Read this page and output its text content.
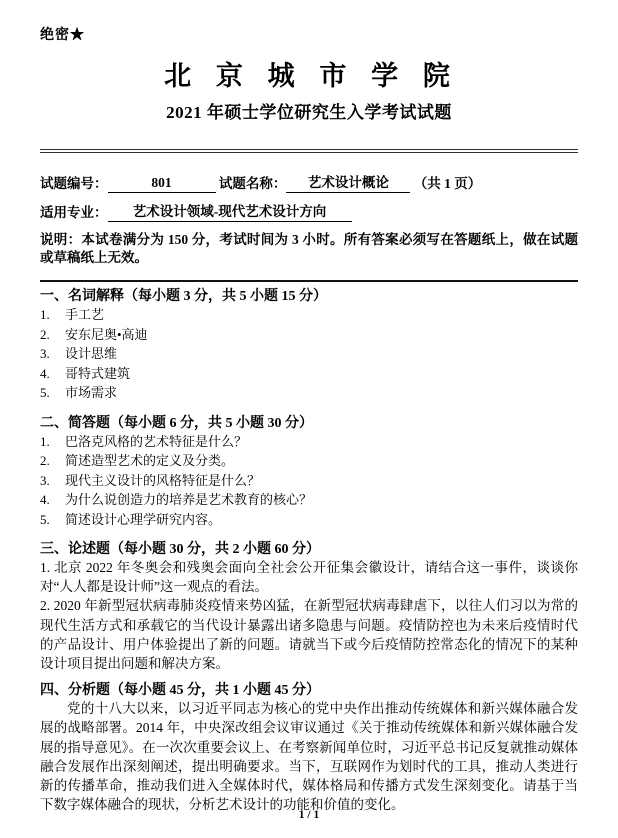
绝密★
北 京 城 市 学 院
2021 年硕士学位研究生入学考试试题
试题编号：	801	试题名称： 艺术设计概论 （共 1 页）
适用专业： 艺术设计领域-现代艺术设计方向
说明：本试卷满分为 150 分，考试时间为 3 小时。所有答案必须写在答题纸上，做在试题或草稿纸上无效。
一、名词解释（每小题 3 分，共 5 小题 15 分）
1.	手工艺
2.	安东尼奥•高迪
3.	设计思维
4.	哥特式建筑
5.	市场需求
二、简答题（每小题 6 分，共 5 小题 30 分）
1.	巴洛克风格的艺术特征是什么？
2.	简述造型艺术的定义及分类。
3.	现代主义设计的风格特征是什么？
4.	为什么说创造力的培养是艺术教育的核心？
5.	简述设计心理学研究内容。
三、论述题（每小题 30 分，共 2 小题 60 分）
1. 北京 2022 年冬奥会和残奥会面向全社会公开征集会徽设计，请结合这一事件，谈谈你对“人人都是设计师”这一观点的看法。
2. 2020 年新型冠状病毒肺炎疫情来势凶猛，在新型冠状病毒肆虐下，以往人们习以为常的现代生活方式和承载它的当代设计暴露出诸多隐患与问题。疫情防控也为未来后疫情时代的产品设计、用户体验提出了新的问题。请就当下或今后疫情防控常态化的情况下的某种设计项目提出问题和解决方案。
四、分析题（每小题 45 分，共 1 小题 45 分）
党的十八大以来，以习近平同志为核心的党中央作出推动传统媒体和新兴媒体融合发展的战略部署。2014 年，中央深改组会议审议通过《关于推动传统媒体和新兴媒体融合发展的指导意见》。在一次次重要会议上、在考察新闻单位时，习近平总书记反复就推动媒体融合发展作出深刻阐述，提出明确要求。当下，互联网作为划时代的工具，推动人类进行新的传播革命，推动我们进入全媒体时代，媒体格局和传播方式发生深刻变化。请基于当下数字媒体融合的现状，分析艺术设计的功能和价值的变化。
1 / 1
